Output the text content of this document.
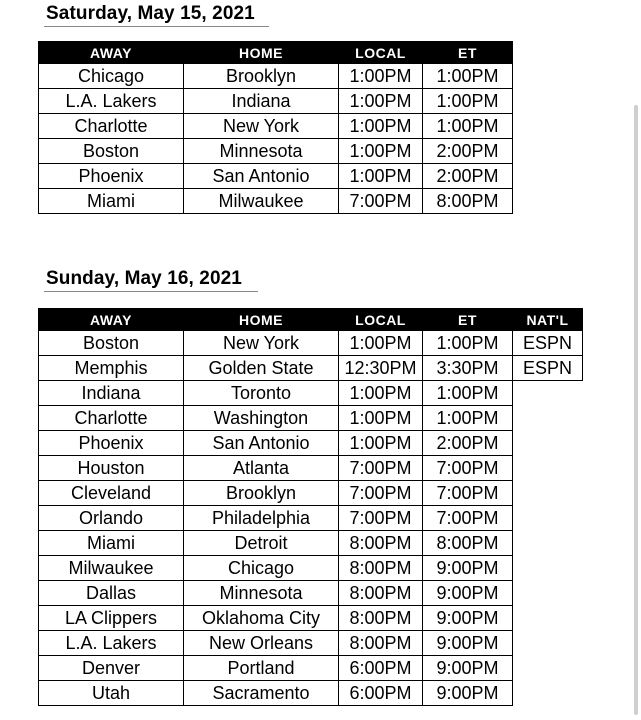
Saturday, May 15, 2021
AWAY	HOME	LOCAL	ET
Chicago	Brooklyn	1:00PM	1:00PM
L.A. Lakers	Indiana	1:00PM	1:00PM
Charlotte	New York	1:00PM	1:00PM
Boston	Minnesota	1:00PM	2:00PM
Phoenix	San Antonio	1:00PM	2:00PM
Miami	Milwaukee	7:00PM	8:00PM
Sunday, May 16, 2021
AWAY	HOME	LOCAL	ET	NAT'L
Boston	New York	1:00PM	1:00PM	ESPN
Memphis	Golden State	12:30PM	3:30PM	ESPN
Indiana	Toronto	1:00PM	1:00PM	
Charlotte	Washington	1:00PM	1:00PM	
Phoenix	San Antonio	1:00PM	2:00PM	
Houston	Atlanta	7:00PM	7:00PM	
Cleveland	Brooklyn	7:00PM	7:00PM	
Orlando	Philadelphia	7:00PM	7:00PM	
Miami	Detroit	8:00PM	8:00PM	
Milwaukee	Chicago	8:00PM	9:00PM	
Dallas	Minnesota	8:00PM	9:00PM	
LA Clippers	Oklahoma City	8:00PM	9:00PM	
L.A. Lakers	New Orleans	8:00PM	9:00PM	
Denver	Portland	6:00PM	9:00PM	
Utah	Sacramento	6:00PM	9:00PM	
